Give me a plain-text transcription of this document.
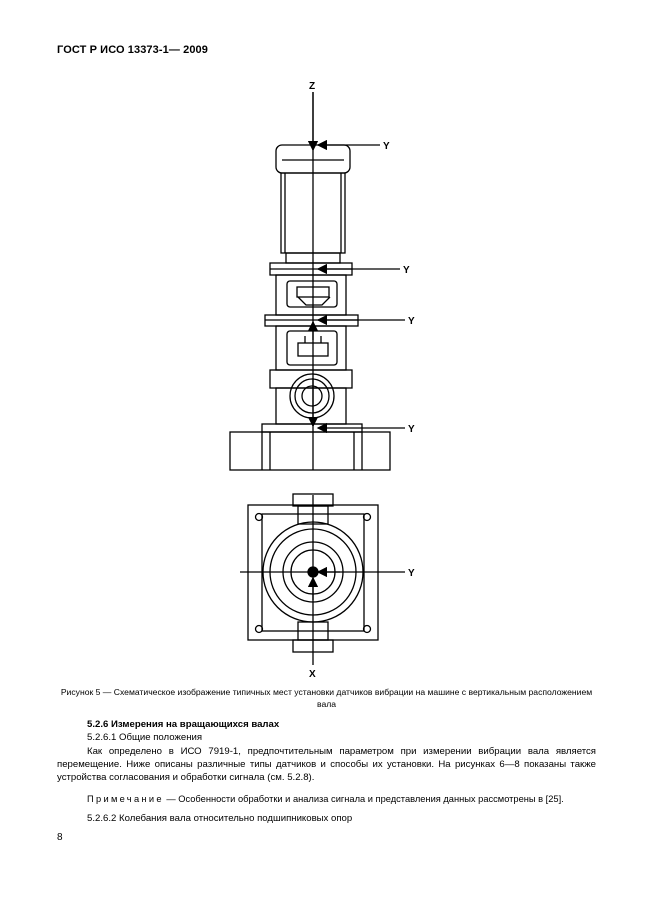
ГОСТ Р ИСО 13373-1— 2009
Z
Y
Y
Y
Y
Y
X
Рисунок 5 — Схематическое изображение типичных мест установки датчиков вибрации на машине с вертикальным расположением вала
5.2.6 Измерения на вращающихся валах
5.2.6.1 Общие положения
Как определено в ИСО 7919-1, предпочтительным параметром при измерении вибрации вала является перемещение. Ниже описаны различные типы датчиков и способы их установки. На рисунках 6—8 показаны также устройства согласования и обработки сигнала (см. 5.2.8).
Примечание — Особенности обработки и анализа сигнала и представления данных рассмотрены в [25].
5.2.6.2 Колебания вала относительно подшипниковых опор
8
